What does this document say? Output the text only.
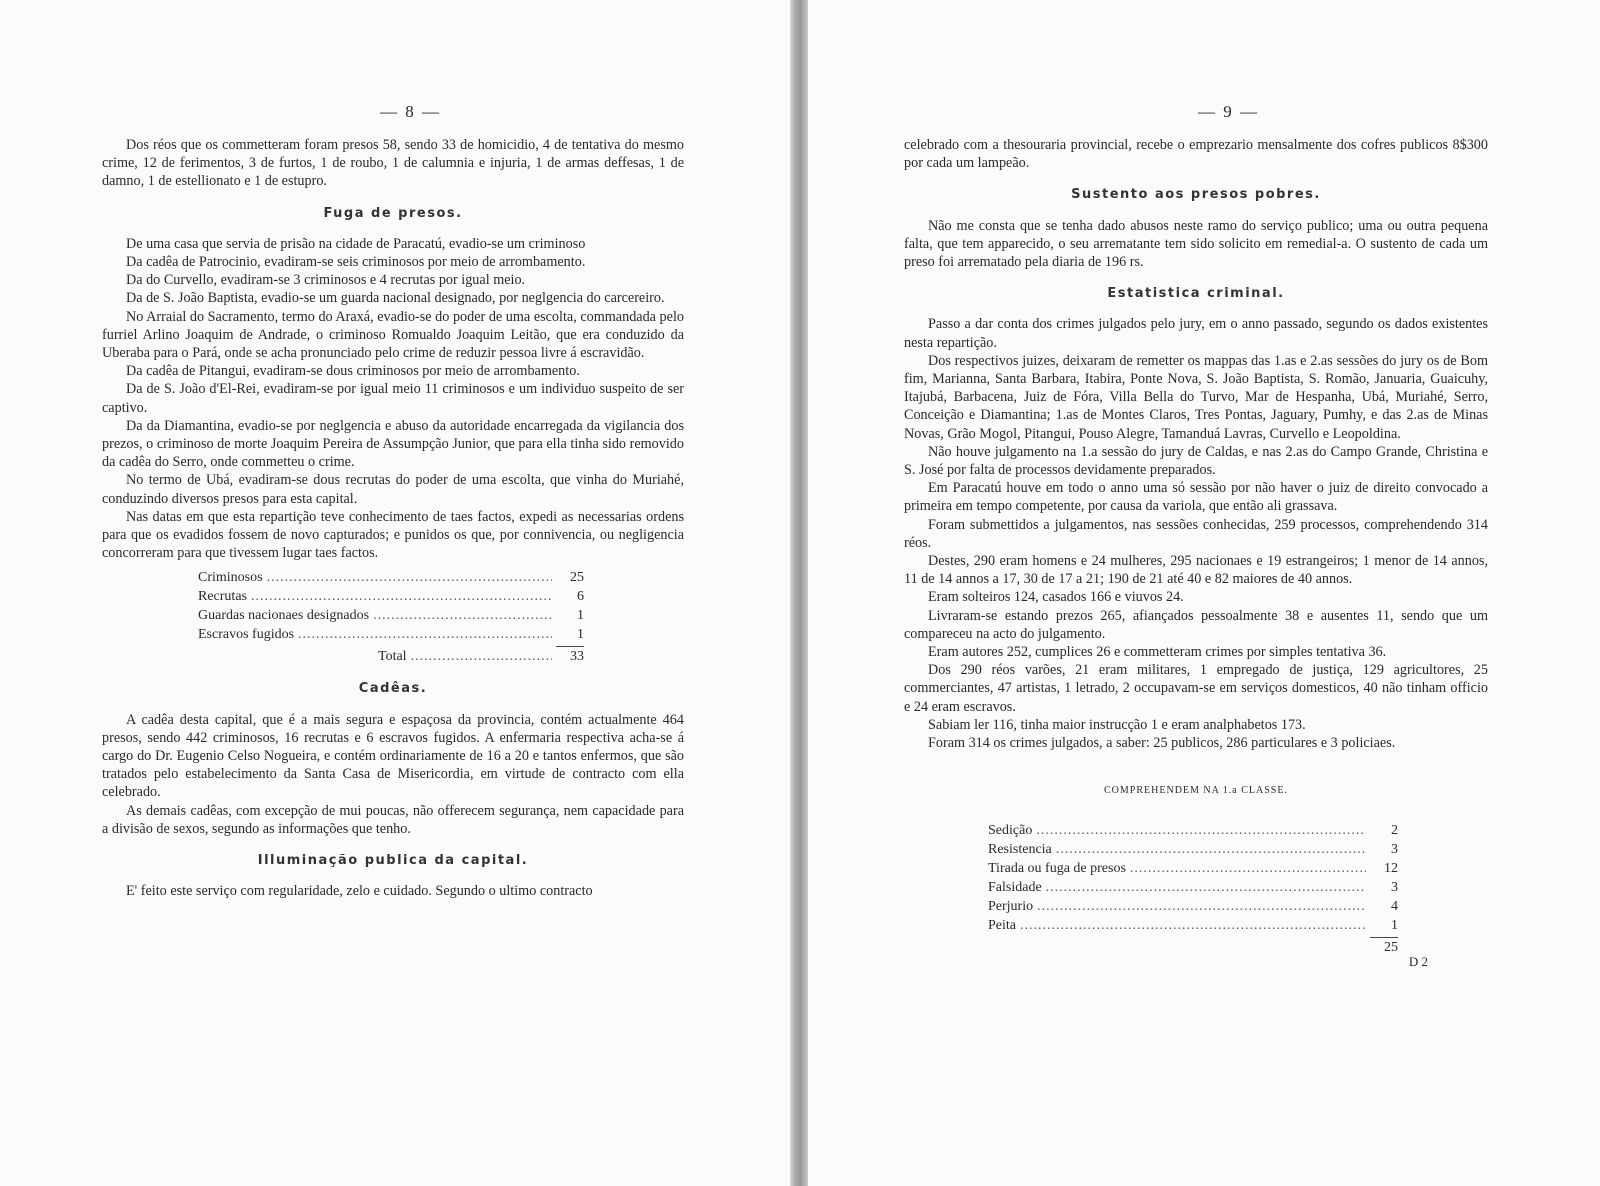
— 8 —

Dos réos que os commetteram foram presos 58, sendo 33 de homicidio, 4 de tentativa do mesmo crime, 12 de ferimentos, 3 de furtos, 1 de roubo, 1 de calumnia e injuria, 1 de armas deffesas, 1 de damno, 1 de estellionato e 1 de estupro.

Fuga de presos.

De uma casa que servia de prisão na cidade de Paracatú, evadio-se um criminoso

Da cadêa de Patrocinio, evadiram-se seis criminosos por meio de arrombamento.

Da do Curvello, evadiram-se 3 criminosos e 4 recrutas por igual meio.

Da de S. João Baptista, evadio-se um guarda nacional designado, por neglgencia do carcereiro.

No Arraial do Sacramento, termo do Araxá, evadio-se do poder de uma escolta, commandada pelo furriel Arlino Joaquim de Andrade, o criminoso Romualdo Joaquim Leitão, que era conduzido da Uberaba para o Pará, onde se acha pronunciado pelo crime de reduzir pessoa livre á escravidão.

Da cadêa de Pitangui, evadiram-se dous criminosos por meio de arrombamento.

Da de S. João d'El-Rei, evadiram-se por igual meio 11 criminosos e um individuo suspeito de ser captivo.

Da da Diamantina, evadio-se por neglgencia e abuso da autoridade encarregada da vigilancia dos prezos, o criminoso de morte Joaquim Pereira de Assumpção Junior, que para ella tinha sido removido da cadêa do Serro, onde commetteu o crime.

No termo de Ubá, evadiram-se dous recrutas do poder de uma escolta, que vinha do Muriahé, conduzindo diversos presos para esta capital.

Nas datas em que esta repartição teve conhecimento de taes factos, expedi as necessarias ordens para que os evadidos fossem de novo capturados; e punidos os que, por connivencia, ou negligencia concorreram para que tivessem lugar taes factos.

Criminosos .....	25
Recrutas .....	6
Guardas nacionaes designados .....	1
Escravos fugidos .....	1
Total .....	33
Cadêas.

A cadêa desta capital, que é a mais segura e espaçosa da provincia, contém actualmente 464 presos, sendo 442 criminosos, 16 recrutas e 6 escravos fugidos. A enfermaria respectiva acha-se á cargo do Dr. Eugenio Celso Nogueira, e contém ordinariamente de 16 a 20 e tantos enfermos, que são tratados pelo estabelecimento da Santa Casa de Misericordia, em virtude de contracto com ella celebrado.

As demais cadêas, com excepção de mui poucas, não offerecem segurança, nem capacidade para a divisão de sexos, segundo as informações que tenho.

Illuminação publica da capital.

E' feito este serviço com regularidade, zelo e cuidado. Segundo o ultimo contracto

— 9 —

celebrado com a thesouraria provincial, recebe o emprezario mensalmente dos cofres publicos 8$300 por cada um lampeão.

Sustento aos presos pobres.

Não me consta que se tenha dado abusos neste ramo do serviço publico; uma ou outra pequena falta, que tem apparecido, o seu arrematante tem sido solicito em remedial-a. O sustento de cada um preso foi arrematado pela diaria de 196 rs.

Estatistica criminal.

Passo a dar conta dos crimes julgados pelo jury, em o anno passado, segundo os dados existentes nesta repartição.

Dos respectivos juizes, deixaram de remetter os mappas das 1.as e 2.as sessões do jury os de Bom fim, Marianna, Santa Barbara, Itabira, Ponte Nova, S. João Baptista, S. Romão, Januaria, Guaicuhy, Itajubá, Barbacena, Juiz de Fóra, Villa Bella do Turvo, Mar de Hespanha, Ubá, Muriahé, Serro, Conceição e Diamantina; 1.as de Montes Claros, Tres Pontas, Jaguary, Pumhy, e das 2.as de Minas Novas, Grão Mogol, Pitangui, Pouso Alegre, Tamanduá Lavras, Curvello e Leopoldina.

Não houve julgamento na 1.a sessão do jury de Caldas, e nas 2.as do Campo Grande, Christina e S. José por falta de processos devidamente preparados.

Em Paracatú houve em todo o anno uma só sessão por não haver o juiz de direito convocado a primeira em tempo competente, por causa da variola, que então ali grassava.

Foram submettidos a julgamentos, nas sessões conhecidas, 259 processos, comprehendendo 314 réos.

Destes, 290 eram homens e 24 mulheres, 295 nacionaes e 19 estrangeiros; 1 menor de 14 annos, 11 de 14 annos a 17, 30 de 17 a 21; 190 de 21 até 40 e 82 maiores de 40 annos.

Eram solteiros 124, casados 166 e viuvos 24.

Livraram-se estando prezos 265, afiançados pessoalmente 38 e ausentes 11, sendo que um compareceu na acto do julgamento.

Eram autores 252, cumplices 26 e commetteram crimes por simples tentativa 36.

Dos 290 réos varões, 21 eram militares, 1 empregado de justiça, 129 agricultores, 25 commerciantes, 47 artistas, 1 letrado, 2 occupavam-se em serviços domesticos, 40 não tinham officio e 24 eram escravos.

Sabiam ler 116, tinha maior instrucção 1 e eram analphabetos 173.

Foram 314 os crimes julgados, a saber: 25 publicos, 286 particulares e 3 policiaes.

COMPREHENDEM NA 1.a CLASSE.
Sedição .....	2
Resistencia .....	3
Tirada ou fuga de presos .....	12
Falsidade .....	3
Perjurio .....	4
Peita .....	1
25
D 2
